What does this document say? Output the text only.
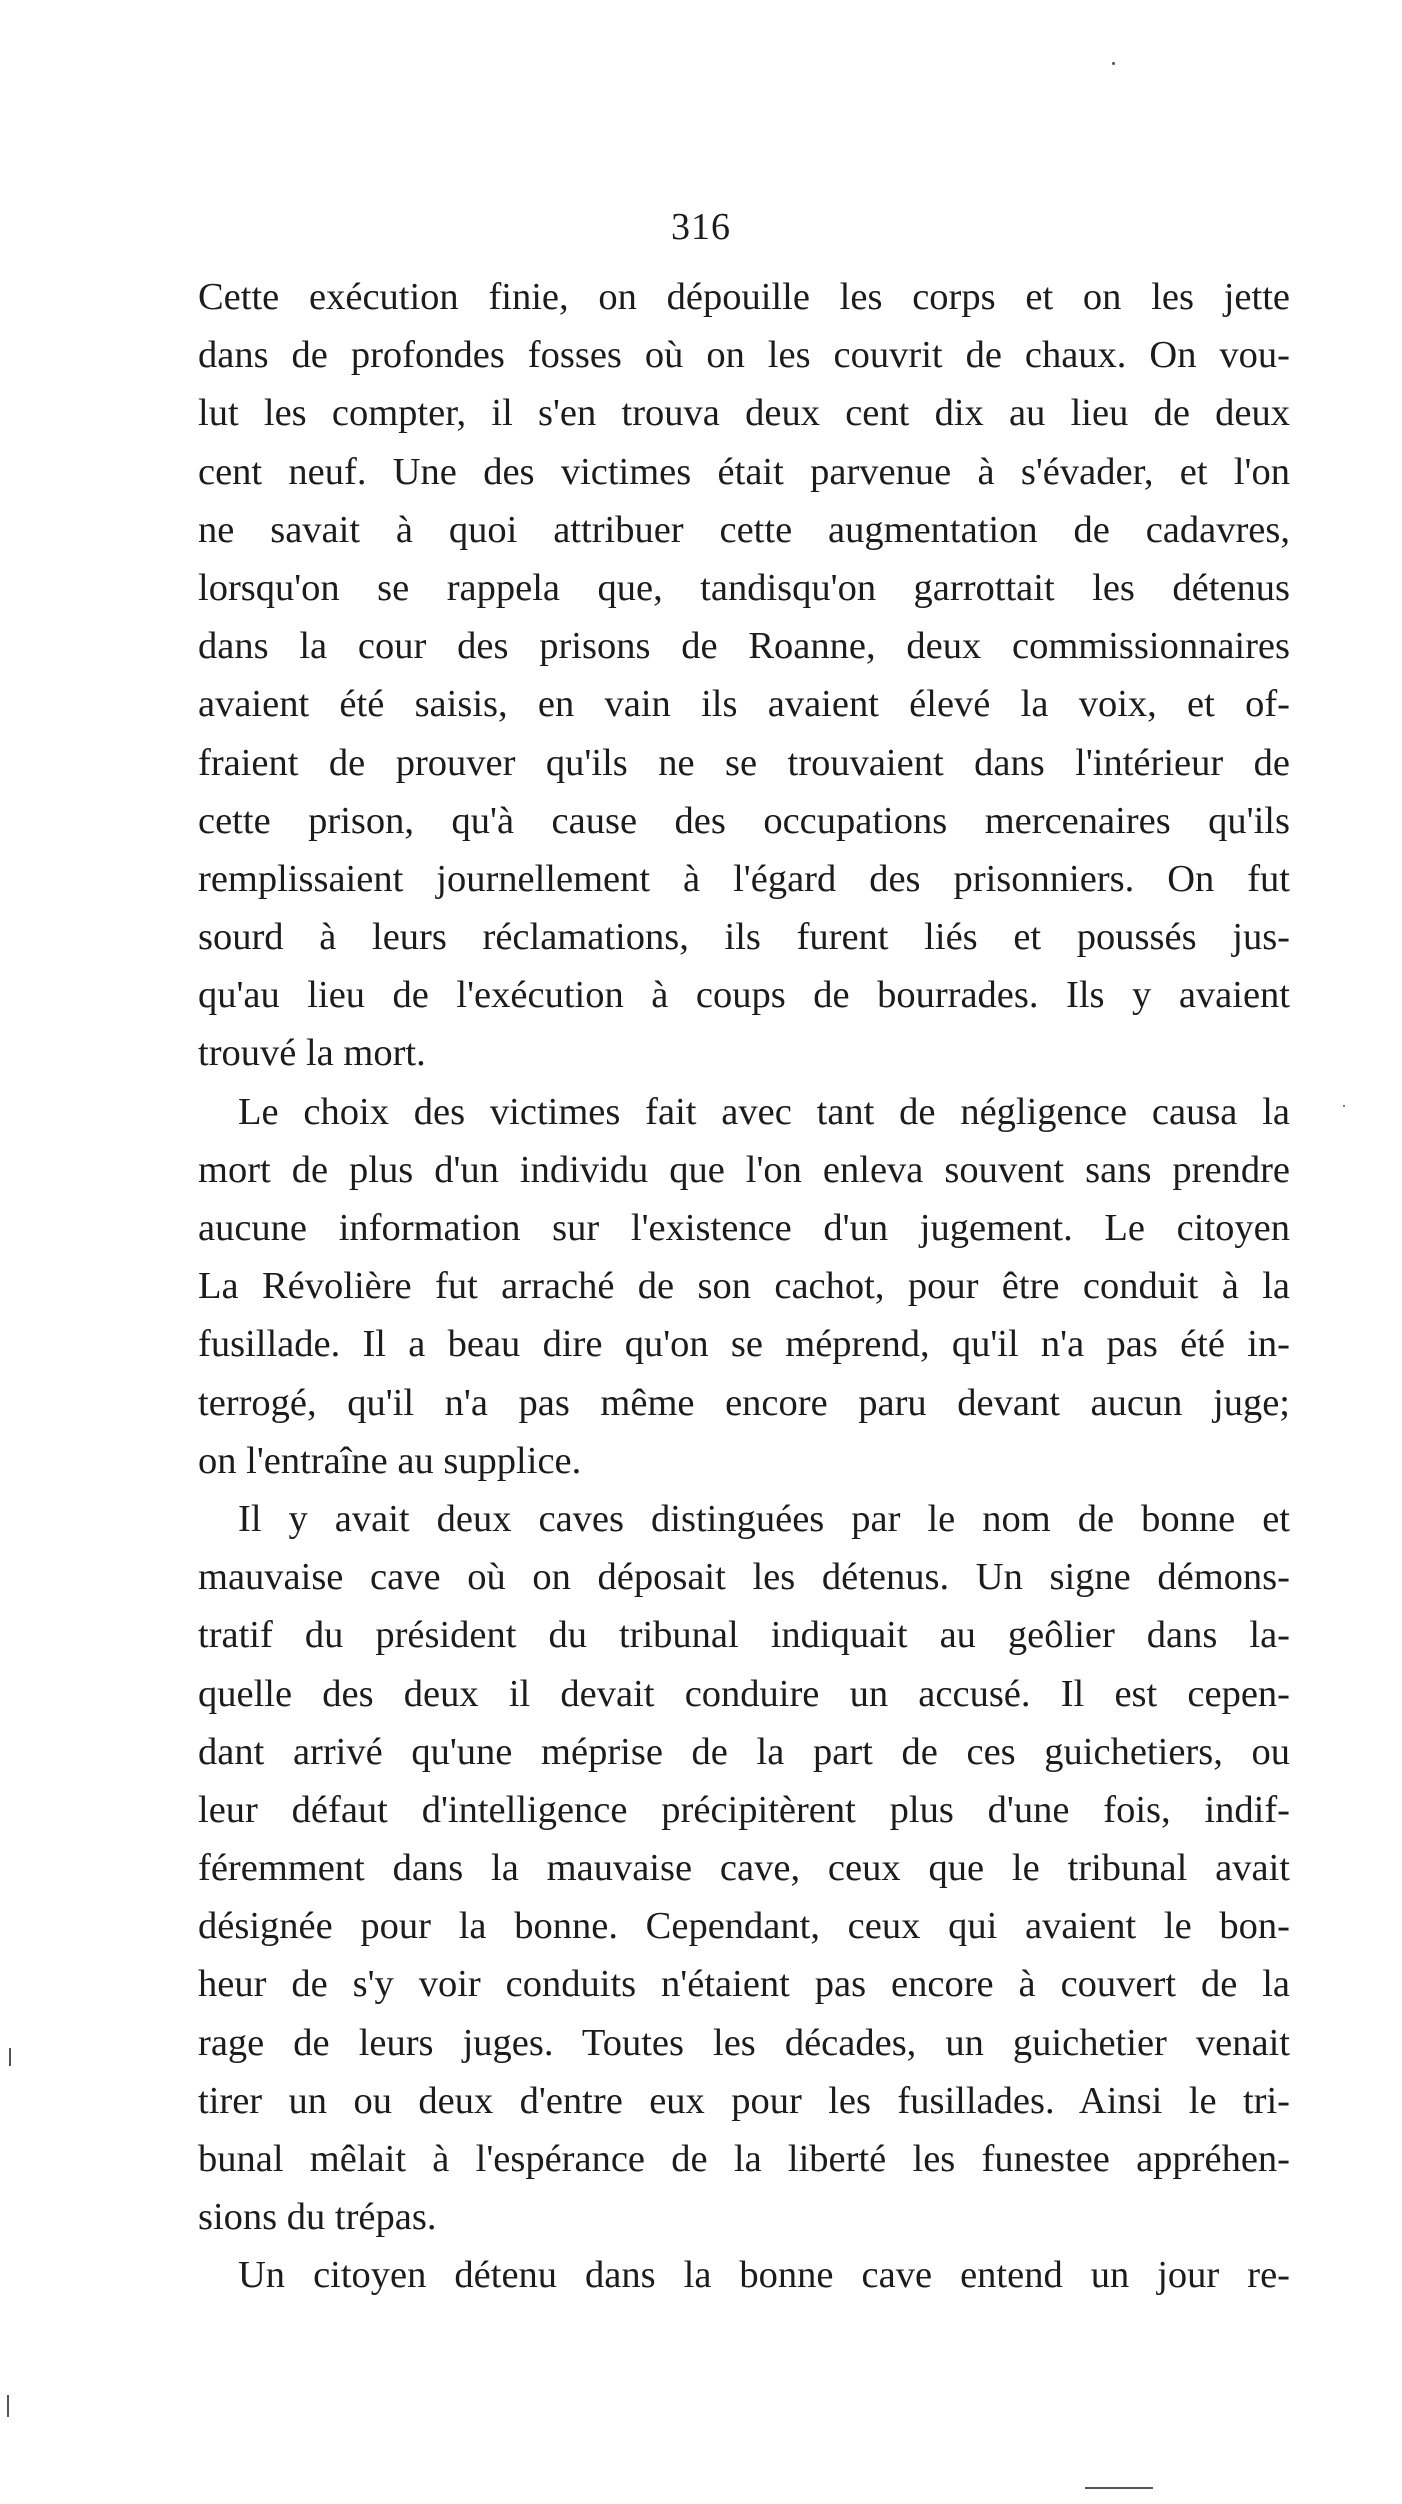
316
Cette exécution finie, on dépouille les corps et on les jette
dans de profondes fosses où on les couvrit de chaux. On vou-
lut les compter, il s'en trouva deux cent dix au lieu de deux
cent neuf. Une des victimes était parvenue à s'évader, et l'on
ne savait à quoi attribuer cette augmentation de cadavres,
lorsqu'on se rappela que, tandisqu'on garrottait les détenus
dans la cour des prisons de Roanne, deux commissionnaires
avaient été saisis, en vain ils avaient élevé la voix, et of-
fraient de prouver qu'ils ne se trouvaient dans l'intérieur de
cette prison, qu'à cause des occupations mercenaires qu'ils
remplissaient journellement à l'égard des prisonniers. On fut
sourd à leurs réclamations, ils furent liés et poussés jus-
qu'au lieu de l'exécution à coups de bourrades. Ils y avaient
trouvé la mort.
Le choix des victimes fait avec tant de négligence causa la
mort de plus d'un individu que l'on enleva souvent sans prendre
aucune information sur l'existence d'un jugement. Le citoyen
La Révolière fut arraché de son cachot, pour être conduit à la
fusillade. Il a beau dire qu'on se méprend, qu'il n'a pas été in-
terrogé, qu'il n'a pas même encore paru devant aucun juge;
on l'entraîne au supplice.
Il y avait deux caves distinguées par le nom de bonne et
mauvaise cave où on déposait les détenus. Un signe démons-
tratif du président du tribunal indiquait au geôlier dans la-
quelle des deux il devait conduire un accusé. Il est cepen-
dant arrivé qu'une méprise de la part de ces guichetiers, ou
leur défaut d'intelligence précipitèrent plus d'une fois, indif-
féremment dans la mauvaise cave, ceux que le tribunal avait
désignée pour la bonne. Cependant, ceux qui avaient le bon-
heur de s'y voir conduits n'étaient pas encore à couvert de la
rage de leurs juges. Toutes les décades, un guichetier venait
tirer un ou deux d'entre eux pour les fusillades. Ainsi le tri-
bunal mêlait à l'espérance de la liberté les funestee appréhen-
sions du trépas.
Un citoyen détenu dans la bonne cave entend un jour re-
